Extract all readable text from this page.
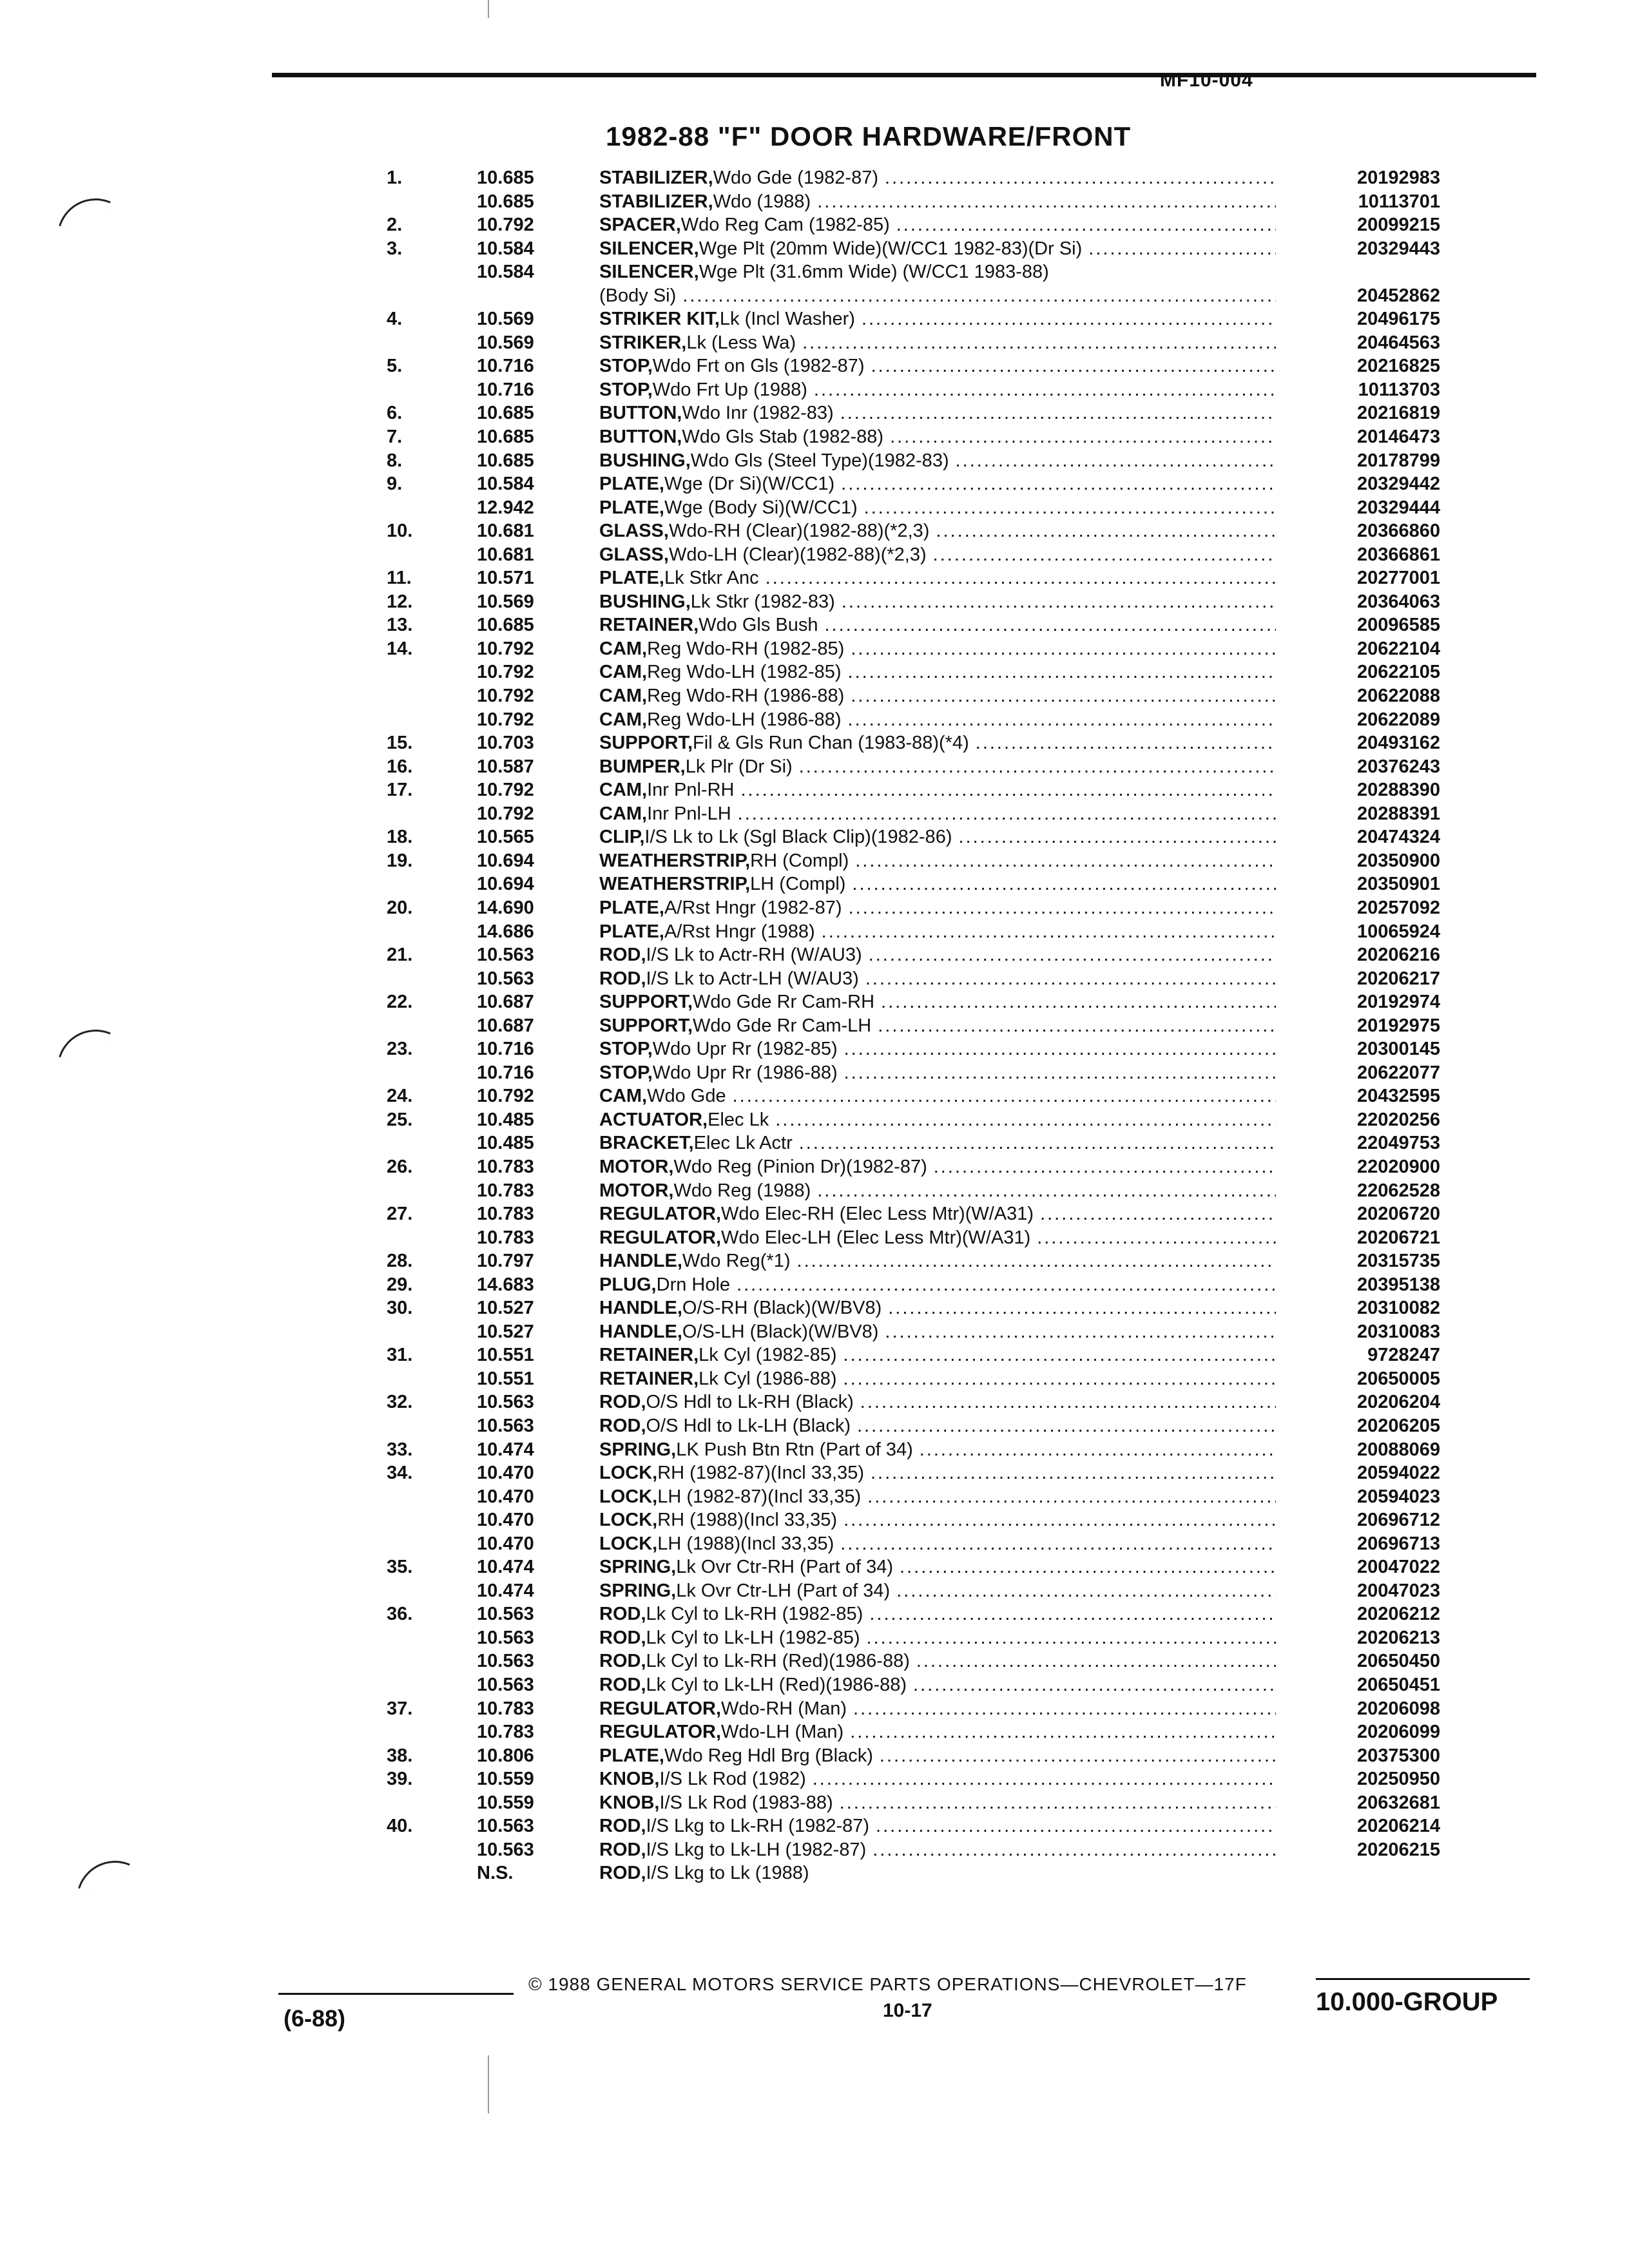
MF10-004
1982-88 "F" DOOR HARDWARE/FRONT
1.	10.685	STABILIZER, Wdo Gde (1982-87) .....	20192983
10.685	STABILIZER, Wdo (1988) .....	10113701
2.	10.792	SPACER, Wdo Reg Cam (1982-85) .....	20099215
3.	10.584	SILENCER, Wge Plt (20mm Wide)(W/CC1 1982-83)(Dr Si) .....	20329443
10.584	SILENCER, Wge Plt (31.6mm Wide) (W/CC1 1983-88)
(Body Si) .....	20452862
4.	10.569	STRIKER KIT, Lk (Incl Washer) .....	20496175
10.569	STRIKER, Lk (Less Wa) .....	20464563
5.	10.716	STOP, Wdo Frt on Gls (1982-87) .....	20216825
10.716	STOP, Wdo Frt Up (1988) .....	10113703
6.	10.685	BUTTON, Wdo Inr (1982-83) .....	20216819
7.	10.685	BUTTON, Wdo Gls Stab (1982-88) .....	20146473
8.	10.685	BUSHING, Wdo Gls (Steel Type)(1982-83) .....	20178799
9.	10.584	PLATE, Wge (Dr Si)(W/CC1) .....	20329442
12.942	PLATE, Wge (Body Si)(W/CC1) .....	20329444
10.	10.681	GLASS, Wdo-RH (Clear)(1982-88)(*2,3) .....	20366860
10.681	GLASS, Wdo-LH (Clear)(1982-88)(*2,3) .....	20366861
11.	10.571	PLATE, Lk Stkr Anc .....	20277001
12.	10.569	BUSHING, Lk Stkr (1982-83) .....	20364063
13.	10.685	RETAINER, Wdo Gls Bush .....	20096585
14.	10.792	CAM, Reg Wdo-RH (1982-85) .....	20622104
10.792	CAM, Reg Wdo-LH (1982-85) .....	20622105
10.792	CAM, Reg Wdo-RH (1986-88) .....	20622088
10.792	CAM, Reg Wdo-LH (1986-88) .....	20622089
15.	10.703	SUPPORT, Fil & Gls Run Chan (1983-88)(*4) .....	20493162
16.	10.587	BUMPER, Lk Plr (Dr Si) .....	20376243
17.	10.792	CAM, Inr Pnl-RH .....	20288390
10.792	CAM, Inr Pnl-LH .....	20288391
18.	10.565	CLIP, I/S Lk to Lk (Sgl Black Clip)(1982-86) .....	20474324
19.	10.694	WEATHERSTRIP, RH (Compl) .....	20350900
10.694	WEATHERSTRIP, LH (Compl) .....	20350901
20.	14.690	PLATE, A/Rst Hngr (1982-87) .....	20257092
14.686	PLATE, A/Rst Hngr (1988) .....	10065924
21.	10.563	ROD, I/S Lk to Actr-RH (W/AU3) .....	20206216
10.563	ROD, I/S Lk to Actr-LH (W/AU3) .....	20206217
22.	10.687	SUPPORT, Wdo Gde Rr Cam-RH .....	20192974
10.687	SUPPORT, Wdo Gde Rr Cam-LH .....	20192975
23.	10.716	STOP, Wdo Upr Rr (1982-85) .....	20300145
10.716	STOP, Wdo Upr Rr (1986-88) .....	20622077
24.	10.792	CAM, Wdo Gde .....	20432595
25.	10.485	ACTUATOR, Elec Lk .....	22020256
10.485	BRACKET, Elec Lk Actr .....	22049753
26.	10.783	MOTOR, Wdo Reg (Pinion Dr)(1982-87) .....	22020900
10.783	MOTOR, Wdo Reg (1988) .....	22062528
27.	10.783	REGULATOR, Wdo Elec-RH (Elec Less Mtr)(W/A31) .....	20206720
10.783	REGULATOR, Wdo Elec-LH (Elec Less Mtr)(W/A31) .....	20206721
28.	10.797	HANDLE, Wdo Reg(*1) .....	20315735
29.	14.683	PLUG, Drn Hole .....	20395138
30.	10.527	HANDLE, O/S-RH (Black)(W/BV8) .....	20310082
10.527	HANDLE, O/S-LH (Black)(W/BV8) .....	20310083
31.	10.551	RETAINER, Lk Cyl (1982-85) .....	9728247
10.551	RETAINER, Lk Cyl (1986-88) .....	20650005
32.	10.563	ROD, O/S Hdl to Lk-RH (Black) .....	20206204
10.563	ROD, O/S Hdl to Lk-LH (Black) .....	20206205
33.	10.474	SPRING, LK Push Btn Rtn (Part of 34) .....	20088069
34.	10.470	LOCK, RH (1982-87)(Incl 33,35) .....	20594022
10.470	LOCK, LH (1982-87)(Incl 33,35) .....	20594023
10.470	LOCK, RH (1988)(Incl 33,35) .....	20696712
10.470	LOCK, LH (1988)(Incl 33,35) .....	20696713
35.	10.474	SPRING, Lk Ovr Ctr-RH (Part of 34) .....	20047022
10.474	SPRING, Lk Ovr Ctr-LH (Part of 34) .....	20047023
36.	10.563	ROD, Lk Cyl to Lk-RH (1982-85) .....	20206212
10.563	ROD, Lk Cyl to Lk-LH (1982-85) .....	20206213
10.563	ROD, Lk Cyl to Lk-RH (Red)(1986-88) .....	20650450
10.563	ROD, Lk Cyl to Lk-LH (Red)(1986-88) .....	20650451
37.	10.783	REGULATOR, Wdo-RH (Man) .....	20206098
10.783	REGULATOR, Wdo-LH (Man) .....	20206099
38.	10.806	PLATE, Wdo Reg Hdl Brg (Black) .....	20375300
39.	10.559	KNOB, I/S Lk Rod (1982) .....	20250950
10.559	KNOB, I/S Lk Rod (1983-88) .....	20632681
40.	10.563	ROD, I/S Lkg to Lk-RH (1982-87) .....	20206214
10.563	ROD, I/S Lkg to Lk-LH (1982-87) .....	20206215
N.S.	ROD, I/S Lkg to Lk (1988)
(6-88)
© 1988 GENERAL MOTORS SERVICE PARTS OPERATIONS—CHEVROLET—17F
10-17	10.000-GROUP
